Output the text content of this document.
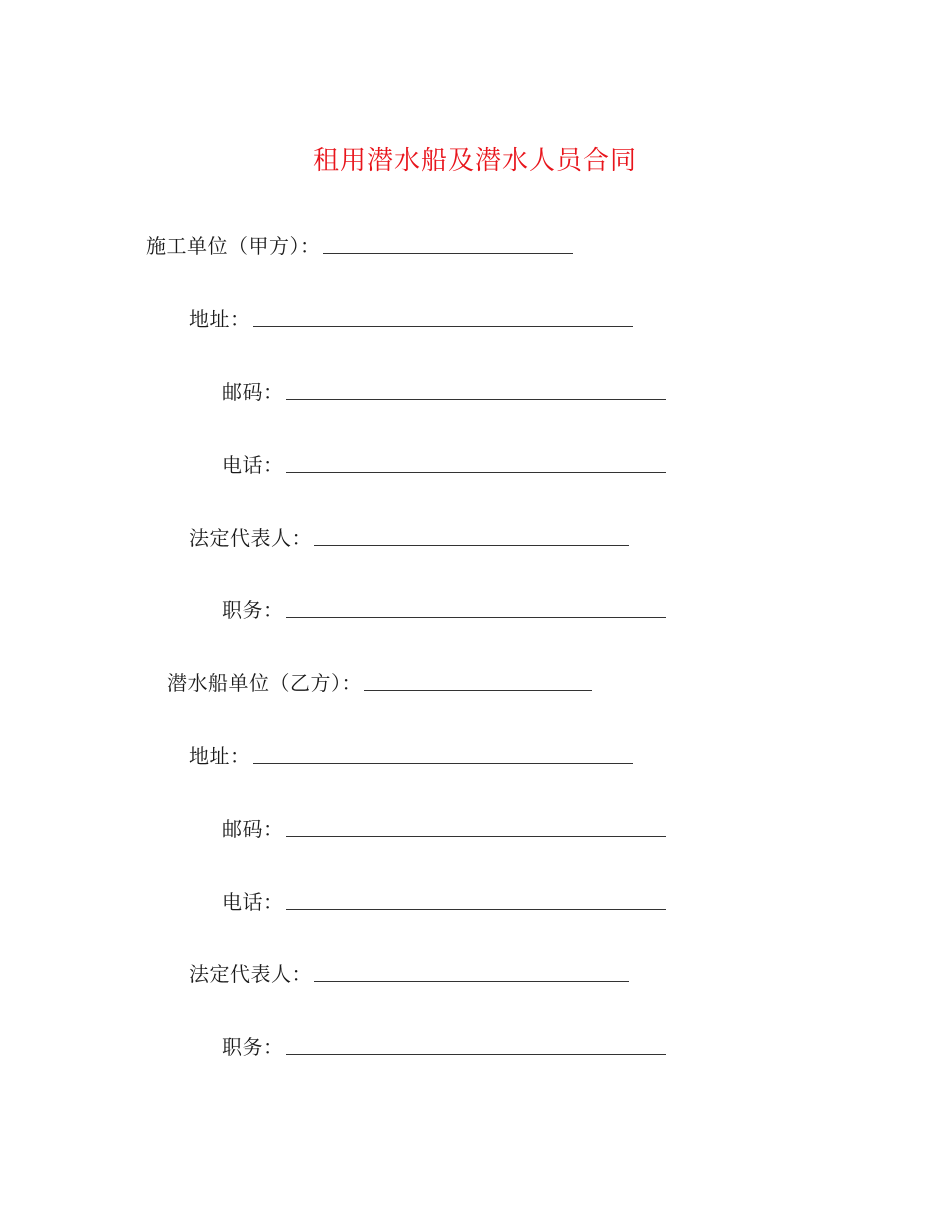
租用潜水船及潜水人员合同
施工单位（甲方）：
地址：
邮码：
电话：
法定代表人：
职务：
潜水船单位（乙方）：
地址：
邮码：
电话：
法定代表人：
职务：
